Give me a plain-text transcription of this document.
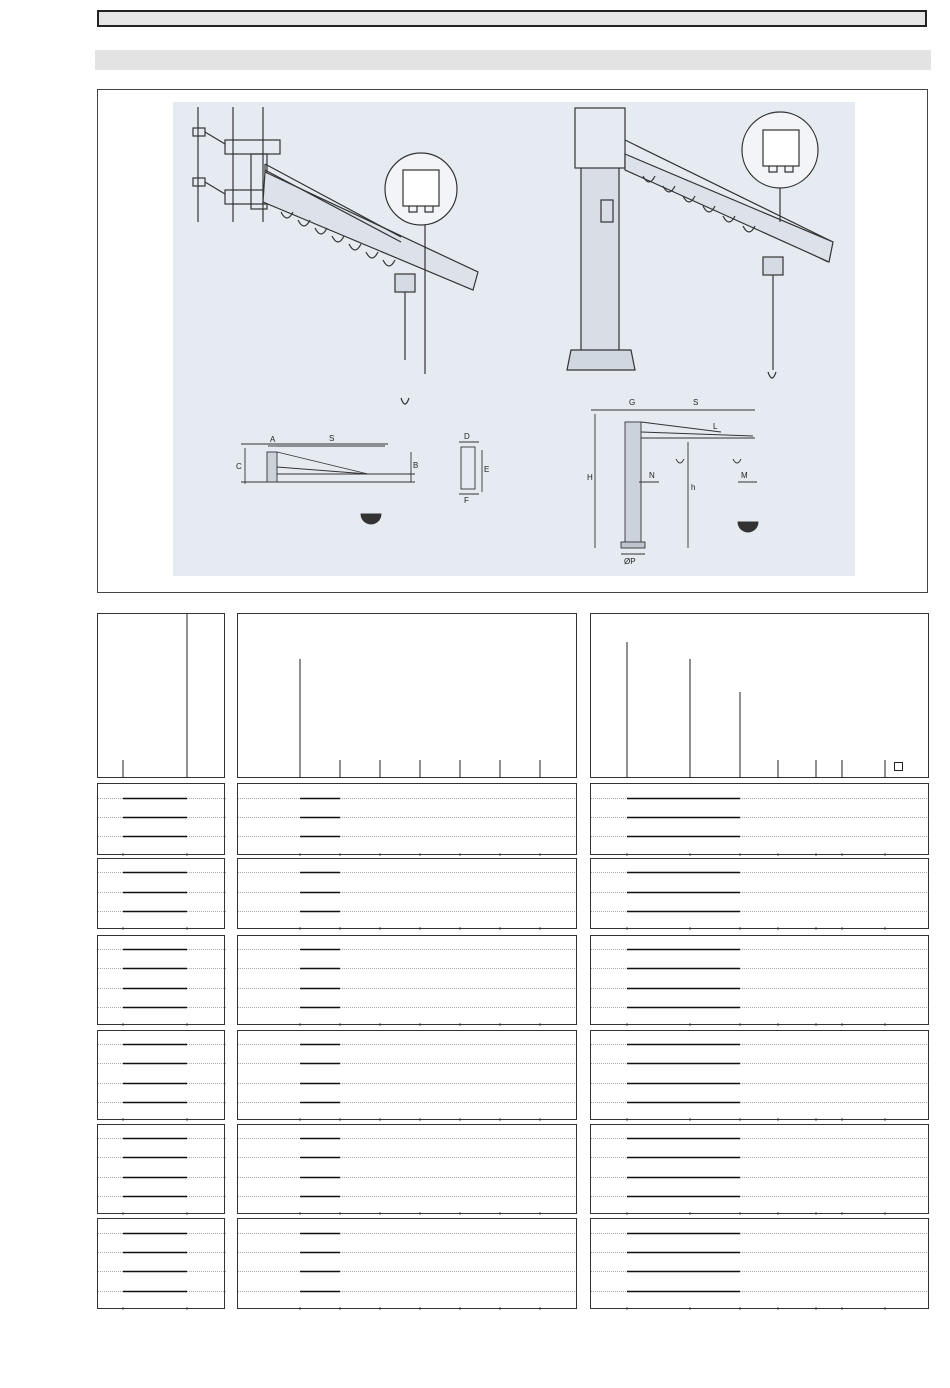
A	S
C	B
D
E
F
G	S
L
H
h
N	M
ØP
